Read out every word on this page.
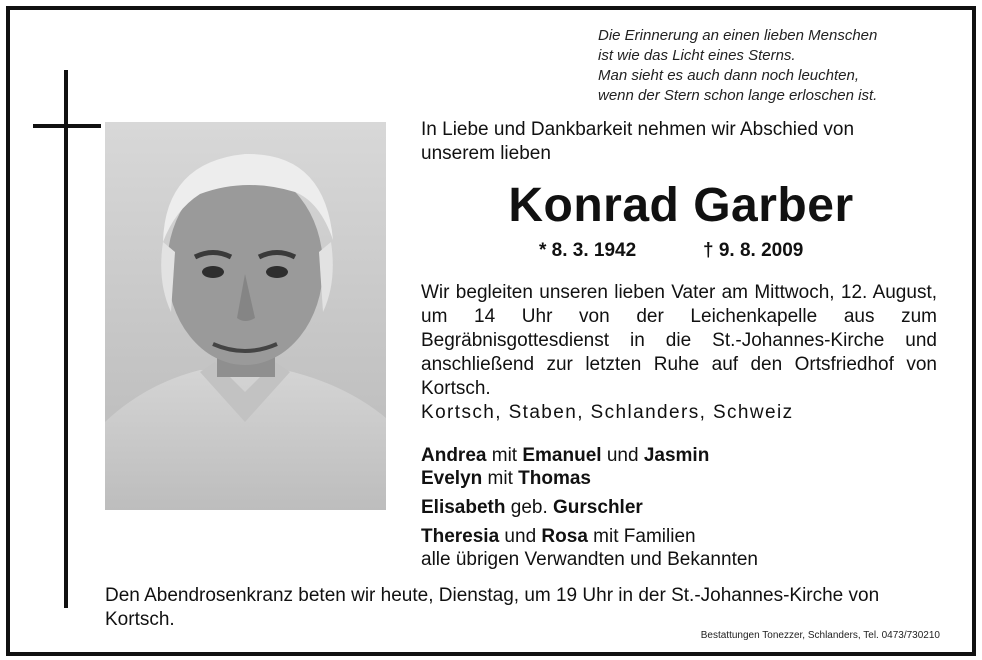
Die Erinnerung an einen lieben Menschen
ist wie das Licht eines Sterns.
Man sieht es auch dann noch leuchten,
wenn der Stern schon lange erloschen ist.
In Liebe und Dankbarkeit nehmen wir Abschied von
unserem lieben
Konrad Garber
* 8. 3. 1942	† 9. 8. 2009
Wir begleiten unseren lieben Vater am Mittwoch, 12. August, um 14 Uhr von der Leichenkapelle aus zum Begräbnisgottesdienst in die St.-Johannes-Kirche und anschließend zur letzten Ruhe auf den Ortsfriedhof von Kortsch.
Kortsch, Staben, Schlanders, Schweiz
Andrea mit Emanuel und Jasmin
Evelyn mit Thomas
Elisabeth geb. Gurschler
Theresia und Rosa mit Familien
alle übrigen Verwandten und Bekannten
Den Abendrosenkranz beten wir heute, Dienstag, um 19 Uhr in der St.-Johannes-Kirche von Kortsch.
Bestattungen Tonezzer, Schlanders, Tel. 0473/730210
